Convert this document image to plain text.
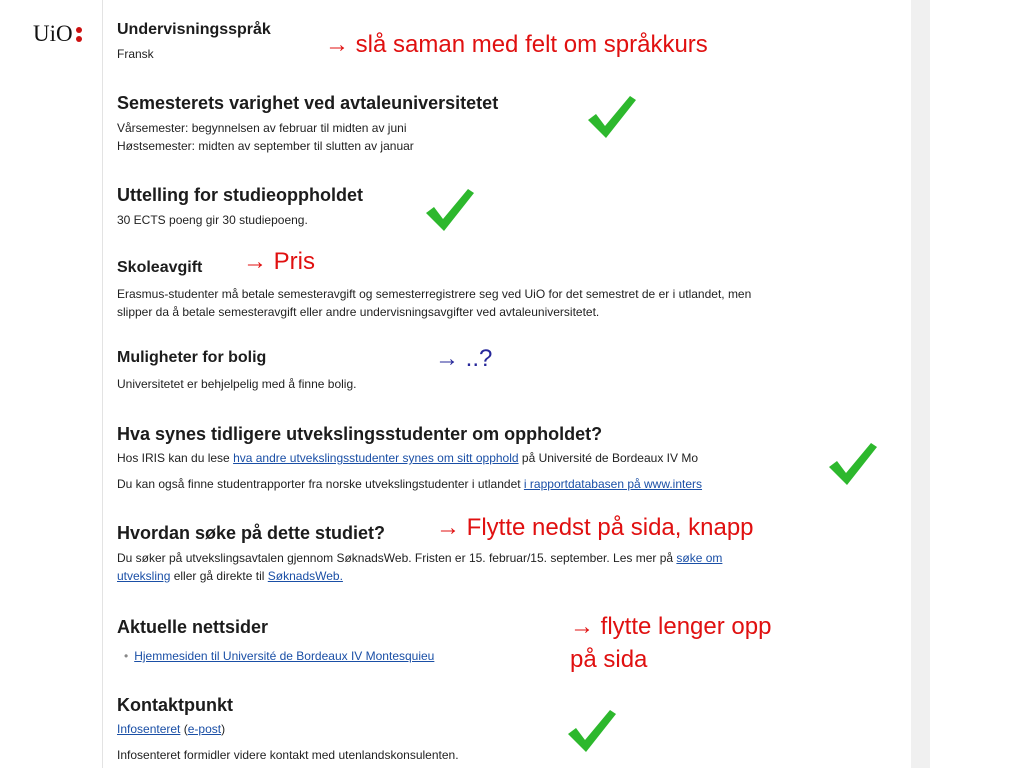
UiO	Undervisningsspråk
Fransk	→ slå saman med felt om språkkurs
Semesterets varighet ved avtaleuniversitetet
Vårsemester: begynnelsen av februar til midten av juni
Høstsemester: midten av september til slutten av januar
Uttelling for studieoppholdet
30 ECTS poeng gir 30 studiepoeng.
Skoleavgift → Pris
Erasmus-studenter må betale semesteravgift og semesterregistrere seg ved UiO for det semestret de er i utlandet, men
slipper da å betale semesteravgift eller andre undervisningsavgifter ved avtaleuniversitetet.
Muligheter for bolig	→ ..?
Universitetet er behjelpelig med å finne bolig.
Hva synes tidligere utvekslingsstudenter om oppholdet?
Hos IRIS kan du lese hva andre utvekslingsstudenter synes om sitt opphold på Université de Bordeaux IV Mo
Du kan også finne studentrapporter fra norske utvekslingstudenter i utlandet i rapportdatabasen på www.inters
Hvordan søke på dette studiet? → Flytte nedst på sida, knapp
Du søker på utvekslingsavtalen gjennom SøknadsWeb. Fristen er 15. februar/15. september. Les mer på søke om
utveksling eller gå direkte til SøknadsWeb.
Aktuelle nettsider
• Hjemmesiden til Université de Bordeaux IV Montesquieu
→ flytte lenger opp
på sida
Kontaktpunkt
Infosenteret (e-post)
Infosenteret formidler videre kontakt med utenlandskonsulenten.
